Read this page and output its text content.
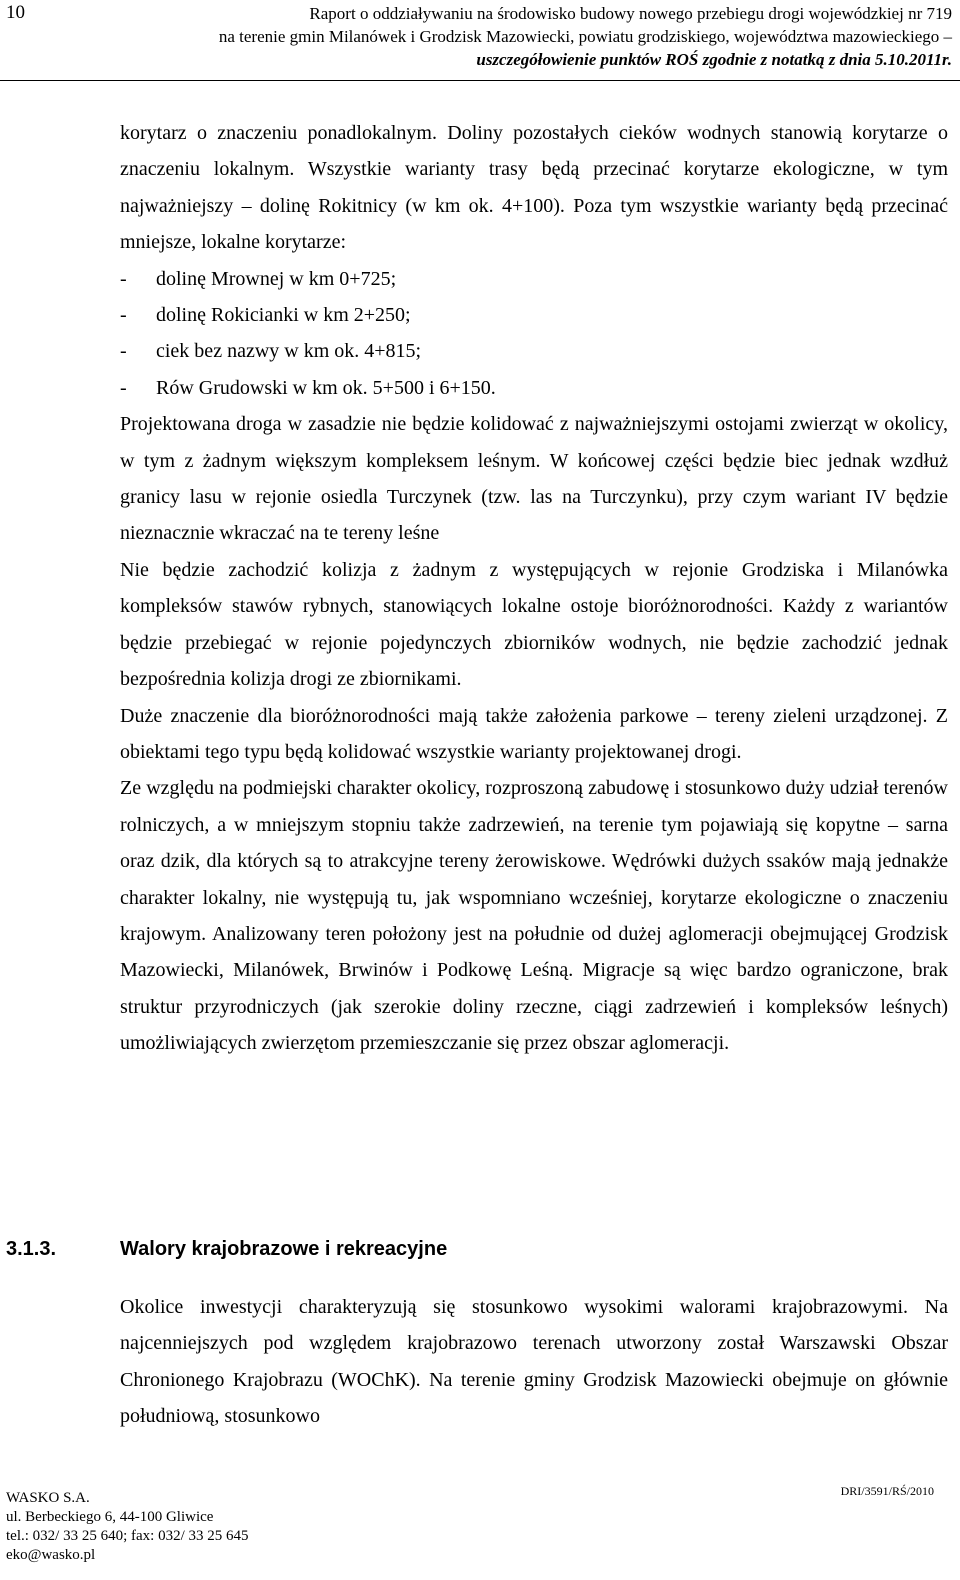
10	Raport o oddziaływaniu na środowisko budowy nowego przebiegu drogi wojewódzkiej nr 719
na terenie gmin Milanówek i Grodzisk Mazowiecki, powiatu grodziskiego, województwa mazowieckiego –
uszczegółowienie punktów ROŚ zgodnie z notatką z dnia 5.10.2011r.

korytarz o znaczeniu ponadlokalnym. Doliny pozostałych cieków wodnych stanowią korytarze o znaczeniu lokalnym. Wszystkie warianty trasy będą przecinać korytarze ekologiczne, w tym najważniejszy – dolinę Rokitnicy (w km ok. 4+100). Poza tym wszystkie warianty będą przecinać mniejsze, lokalne korytarze:

- dolinę Mrownej w km 0+725;
- dolinę Rokicianki w km 2+250;
- ciek bez nazwy w km ok. 4+815;
- Rów Grudowski w km ok. 5+500 i 6+150.

Projektowana droga w zasadzie nie będzie kolidować z najważniejszymi ostojami zwierząt w okolicy, w tym z żadnym większym kompleksem leśnym. W końcowej części będzie biec jednak wzdłuż granicy lasu w rejonie osiedla Turczynek (tzw. las na Turczynku), przy czym wariant IV będzie nieznacznie wkraczać na te tereny leśne

Nie będzie zachodzić kolizja z żadnym z występujących w rejonie Grodziska i Milanówka kompleksów stawów rybnych, stanowiących lokalne ostoje bioróżnorodności. Każdy z wariantów będzie przebiegać w rejonie pojedynczych zbiorników wodnych, nie będzie zachodzić jednak bezpośrednia kolizja drogi ze zbiornikami.

Duże znaczenie dla bioróżnorodności mają także założenia parkowe – tereny zieleni urządzonej. Z obiektami tego typu będą kolidować wszystkie warianty projektowanej drogi.

Ze względu na podmiejski charakter okolicy, rozproszoną zabudowę i stosunkowo duży udział terenów rolniczych, a w mniejszym stopniu także zadrzewień, na terenie tym pojawiają się kopytne – sarna oraz dzik, dla których są to atrakcyjne tereny żerowiskowe. Wędrówki dużych ssaków mają jednakże charakter lokalny, nie występują tu, jak wspomniano wcześniej, korytarze ekologiczne o znaczeniu krajowym. Analizowany teren położony jest na południe od dużej aglomeracji obejmującej Grodzisk Mazowiecki, Milanówek, Brwinów i Podkowę Leśną. Migracje są więc bardzo ograniczone, brak struktur przyrodniczych (jak szerokie doliny rzeczne, ciągi zadrzewień i kompleksów leśnych) umożliwiających zwierzętom przemieszczanie się przez obszar aglomeracji.

3.1.3.	Walory krajobrazowe i rekreacyjne

Okolice inwestycji charakteryzują się stosunkowo wysokimi walorami krajobrazowymi. Na najcenniejszych pod względem krajobrazowo terenach utworzony został Warszawski Obszar Chronionego Krajobrazu (WOChK). Na terenie gminy Grodzisk Mazowiecki obejmuje on głównie południową, stosunkowo

WASKO S.A.
ul. Berbeckiego 6, 44-100 Gliwice
tel.: 032/ 33 25 640; fax: 032/ 33 25 645
eko@wasko.pl
DRI/3591/RŚ/2010
